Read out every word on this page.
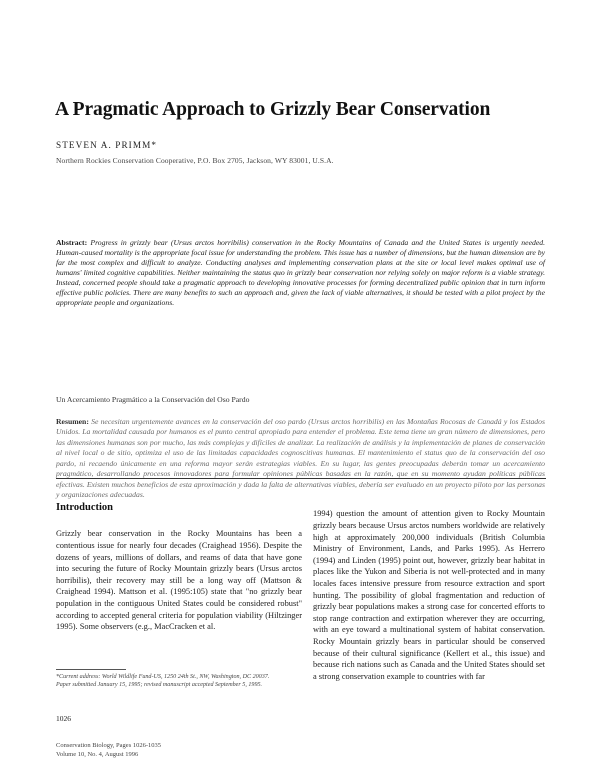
A Pragmatic Approach to Grizzly Bear Conservation
STEVEN A. PRIMM*
Northern Rockies Conservation Cooperative, P.O. Box 2705, Jackson, WY 83001, U.S.A.

Abstract: Progress in grizzly bear (Ursus arctos horribilis) conservation in the Rocky Mountains of Canada and the United States is urgently needed. Human-caused mortality is the appropriate focal issue for understanding the problem. This issue has a number of dimensions, but the human dimension are by far the most complex and difficult to analyze. Conducting analyses and implementing conservation plans at the site or local level makes optimal use of humans' limited cognitive capabilities. Neither maintaining the status quo in grizzly bear conservation nor relying solely on major reform is a viable strategy. Instead, concerned people should take a pragmatic approach to developing innovative processes for forming decentralized public opinion that in turn inform effective public policies. There are many benefits to such an approach and, given the lack of viable alternatives, it should be tested with a pilot project by the appropriate people and organizations.

Un Acercamiento Pragmático a la Conservación del Oso Pardo

Resumen: Se necesitan urgentemente avances en la conservación del oso pardo (Ursus arctos horribilis) en las Montañas Rocosas de Canadá y los Estados Unidos. La mortalidad causada por humanos es el punto central apropiado para entender el problema. Este tema tiene un gran número de dimensiones, pero las dimensiones humanas son por mucho, las más complejas y difíciles de analizar. La realización de análisis y la implementación de planes de conservación al nivel local o de sitio, optimiza el uso de las limitadas capacidades cognoscitivas humanas. El mantenimiento el status quo de la conservación del oso pardo, ni recaendo únicamente en una reforma mayor serán estrategias viables. En su lugar, las gentes preocupadas deberán tomar un acercamiento pragmático, desarrollando procesos innovadores para formular opiniones públicas basadas en la razón, que en su momento ayudan políticas públicas efectivas. Existen muchos beneficios de esta aproximación y dada la falta de alternativas viables, debería ser evaluado en un proyecto piloto por las personas y organizaciones adecuadas.

Introduction

Grizzly bear conservation in the Rocky Mountains has been a contentious issue for nearly four decades (Craighead 1956). Despite the dozens of years, millions of dollars, and reams of data that have gone into securing the future of Rocky Mountain grizzly bears (Ursus arctos horribilis), their recovery may still be a long way off (Mattson & Craighead 1994). Mattson et al. (1995:105) state that "no grizzly bear population in the contiguous United States could be considered robust" according to accepted general criteria for population viability (Hiltzinger 1995). Some observers (e.g., MacCracken et al.

1994) question the amount of attention given to Rocky Mountain grizzly bears because Ursus arctos numbers worldwide are relatively high at approximately 200,000 individuals (British Columbia Ministry of Environment, Lands, and Parks 1995). As Herrero (1994) and Linden (1995) point out, however, grizzly bear habitat in places like the Yukon and Siberia is not well-protected and in many locales faces intensive pressure from resource extraction and sport hunting. The possibility of global fragmentation and reduction of grizzly bear populations makes a strong case for concerted efforts to stop range contraction and extirpation wherever they are occurring, with an eye toward a multinational system of habitat conservation. Rocky Mountain grizzly bears in particular should be conserved because of their cultural significance (Kellert et al., this issue) and because rich nations such as Canada and the United States should set a strong conservation example to countries with far

*Current address: World Wildlife Fund-US, 1250 24th St., NW, Washington, DC 20037.
Paper submitted January 15, 1995; revised manuscript accepted September 5, 1995.
1026
Conservation Biology, Pages 1026-1035
Volume 10, No. 4, August 1996
